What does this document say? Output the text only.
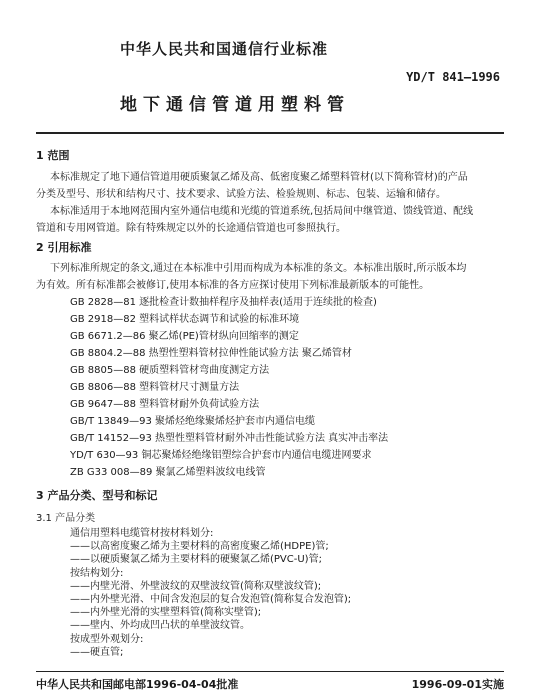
中华人民共和国通信行业标准
YD/T 841—1996
地下通信管道用塑料管
1 范围
本标准规定了地下通信管道用硬质聚氯乙烯及高、低密度聚乙烯塑料管材(以下简称管材)的产品
分类及型号、形状和结构尺寸、技术要求、试验方法、检验规则、标志、包装、运输和储存。
本标准适用于本地网范围内室外通信电缆和光缆的管道系统,包括局间中继管道、馈线管道、配线
管道和专用网管道。除有特殊规定以外的长途通信管道也可参照执行。
2 引用标准
下列标准所规定的条文,通过在本标准中引用而构成为本标准的条文。本标准出版时,所示版本均
为有效。所有标准都会被修订,使用本标准的各方应探讨使用下列标准最新版本的可能性。
GB 2828—81 逐批检查计数抽样程序及抽样表(适用于连续批的检查)
GB 2918—82 塑料试样状态调节和试验的标准环境
GB 6671.2—86 聚乙烯(PE)管材纵向回缩率的测定
GB 8804.2—88 热塑性塑料管材拉伸性能试验方法 聚乙烯管材
GB 8805—88 硬质塑料管材弯曲度测定方法
GB 8806—88 塑料管材尺寸测量方法
GB 9647—88 塑料管材耐外负荷试验方法
GB/T 13849—93 聚烯烃绝缘聚烯烃护套市内通信电缆
GB/T 14152—93 热塑性塑料管材耐外冲击性能试验方法 真实冲击率法
YD/T 630—93 铜芯聚烯烃绝缘铝塑综合护套市内通信电缆进网要求
ZB G33 008—89 聚氯乙烯塑料波纹电线管
3 产品分类、型号和标记
3.1 产品分类
通信用塑料电缆管材按材料划分:
——以高密度聚乙烯为主要材料的高密度聚乙烯(HDPE)管;
——以硬质聚氯乙烯为主要材料的硬聚氯乙烯(PVC-U)管;
按结构划分:
——内壁光滑、外壁波纹的双壁波纹管(简称双壁波纹管);
——内外壁光滑、中间含发泡层的复合发泡管(简称复合发泡管);
——内外壁光滑的实壁塑料管(简称实壁管);
——壁内、外均成凹凸状的单壁波纹管。
按成型外观划分:
——硬直管;
中华人民共和国邮电部1996-04-04批准	1996-09-01实施
